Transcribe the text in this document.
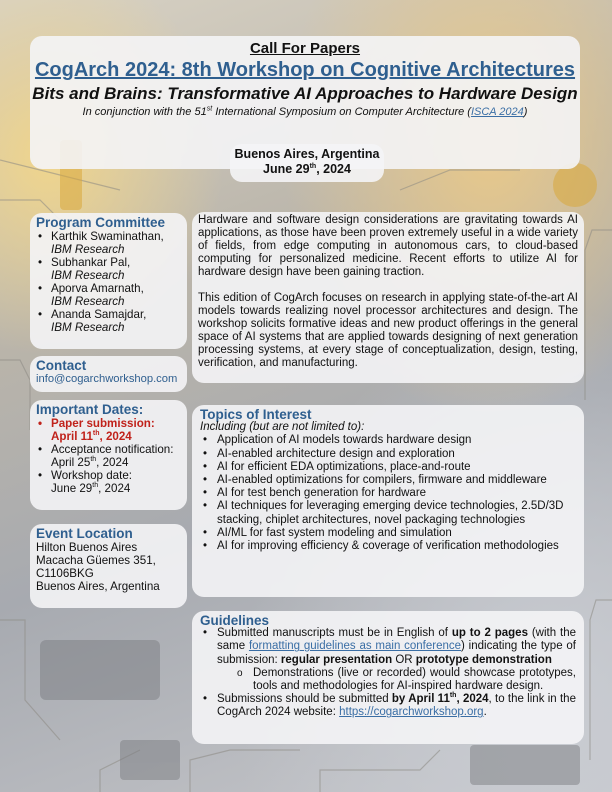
Call For Papers
CogArch 2024: 8th Workshop on Cognitive Architectures
Bits and Brains: Transformative AI Approaches to Hardware Design
In conjunction with the 51st International Symposium on Computer Architecture (ISCA 2024)
Buenos Aires, Argentina
June 29th, 2024
Program Committee
• Karthik Swaminathan,
IBM Research
• Subhankar Pal,
IBM Research
• Aporva Amarnath,
IBM Research
• Ananda Samajdar,
IBM Research
Contact
info@cogarchworkshop.com
Important Dates:
• Paper submission:
April 11th, 2024
• Acceptance notification:
April 25th, 2024
• Workshop date:
June 29th, 2024
Event Location
Hilton Buenos Aires
Macacha Güemes 351,
C1106BKG
Buenos Aires, Argentina

Hardware and software design considerations are gravitating towards AI applications, as those have been proven extremely useful in a wide variety of fields, from edge computing in autonomous cars, to cloud-based computing for personalized medicine. Recent efforts to utilize AI for hardware design have been gaining traction.

This edition of CogArch focuses on research in applying state-of-the-art AI models towards realizing novel processor architectures and design. The workshop solicits formative ideas and new product offerings in the general space of AI systems that are applied towards designing of next generation processing systems, at every stage of conceptualization, design, testing, verification, and manufacturing.

Topics of Interest
Including (but are not limited to):
• Application of AI models towards hardware design
• AI-enabled architecture design and exploration
• AI for efficient EDA optimizations, place-and-route
• AI-enabled optimizations for compilers, firmware and middleware
• AI for test bench generation for hardware
• AI techniques for leveraging emerging device technologies, 2.5D/3D stacking, chiplet architectures, novel packaging technologies
• AI/ML for fast system modeling and simulation
• AI for improving efficiency & coverage of verification methodologies
Guidelines
• Submitted manuscripts must be in English of up to 2 pages (with the same formatting guidelines as main conference) indicating the type of submission: regular presentation OR prototype demonstration
o Demonstrations (live or recorded) would showcase prototypes, tools and methodologies for AI-inspired hardware design.
• Submissions should be submitted by April 11th, 2024, to the link in the CogArch 2024 website: https://cogarchworkshop.org.
